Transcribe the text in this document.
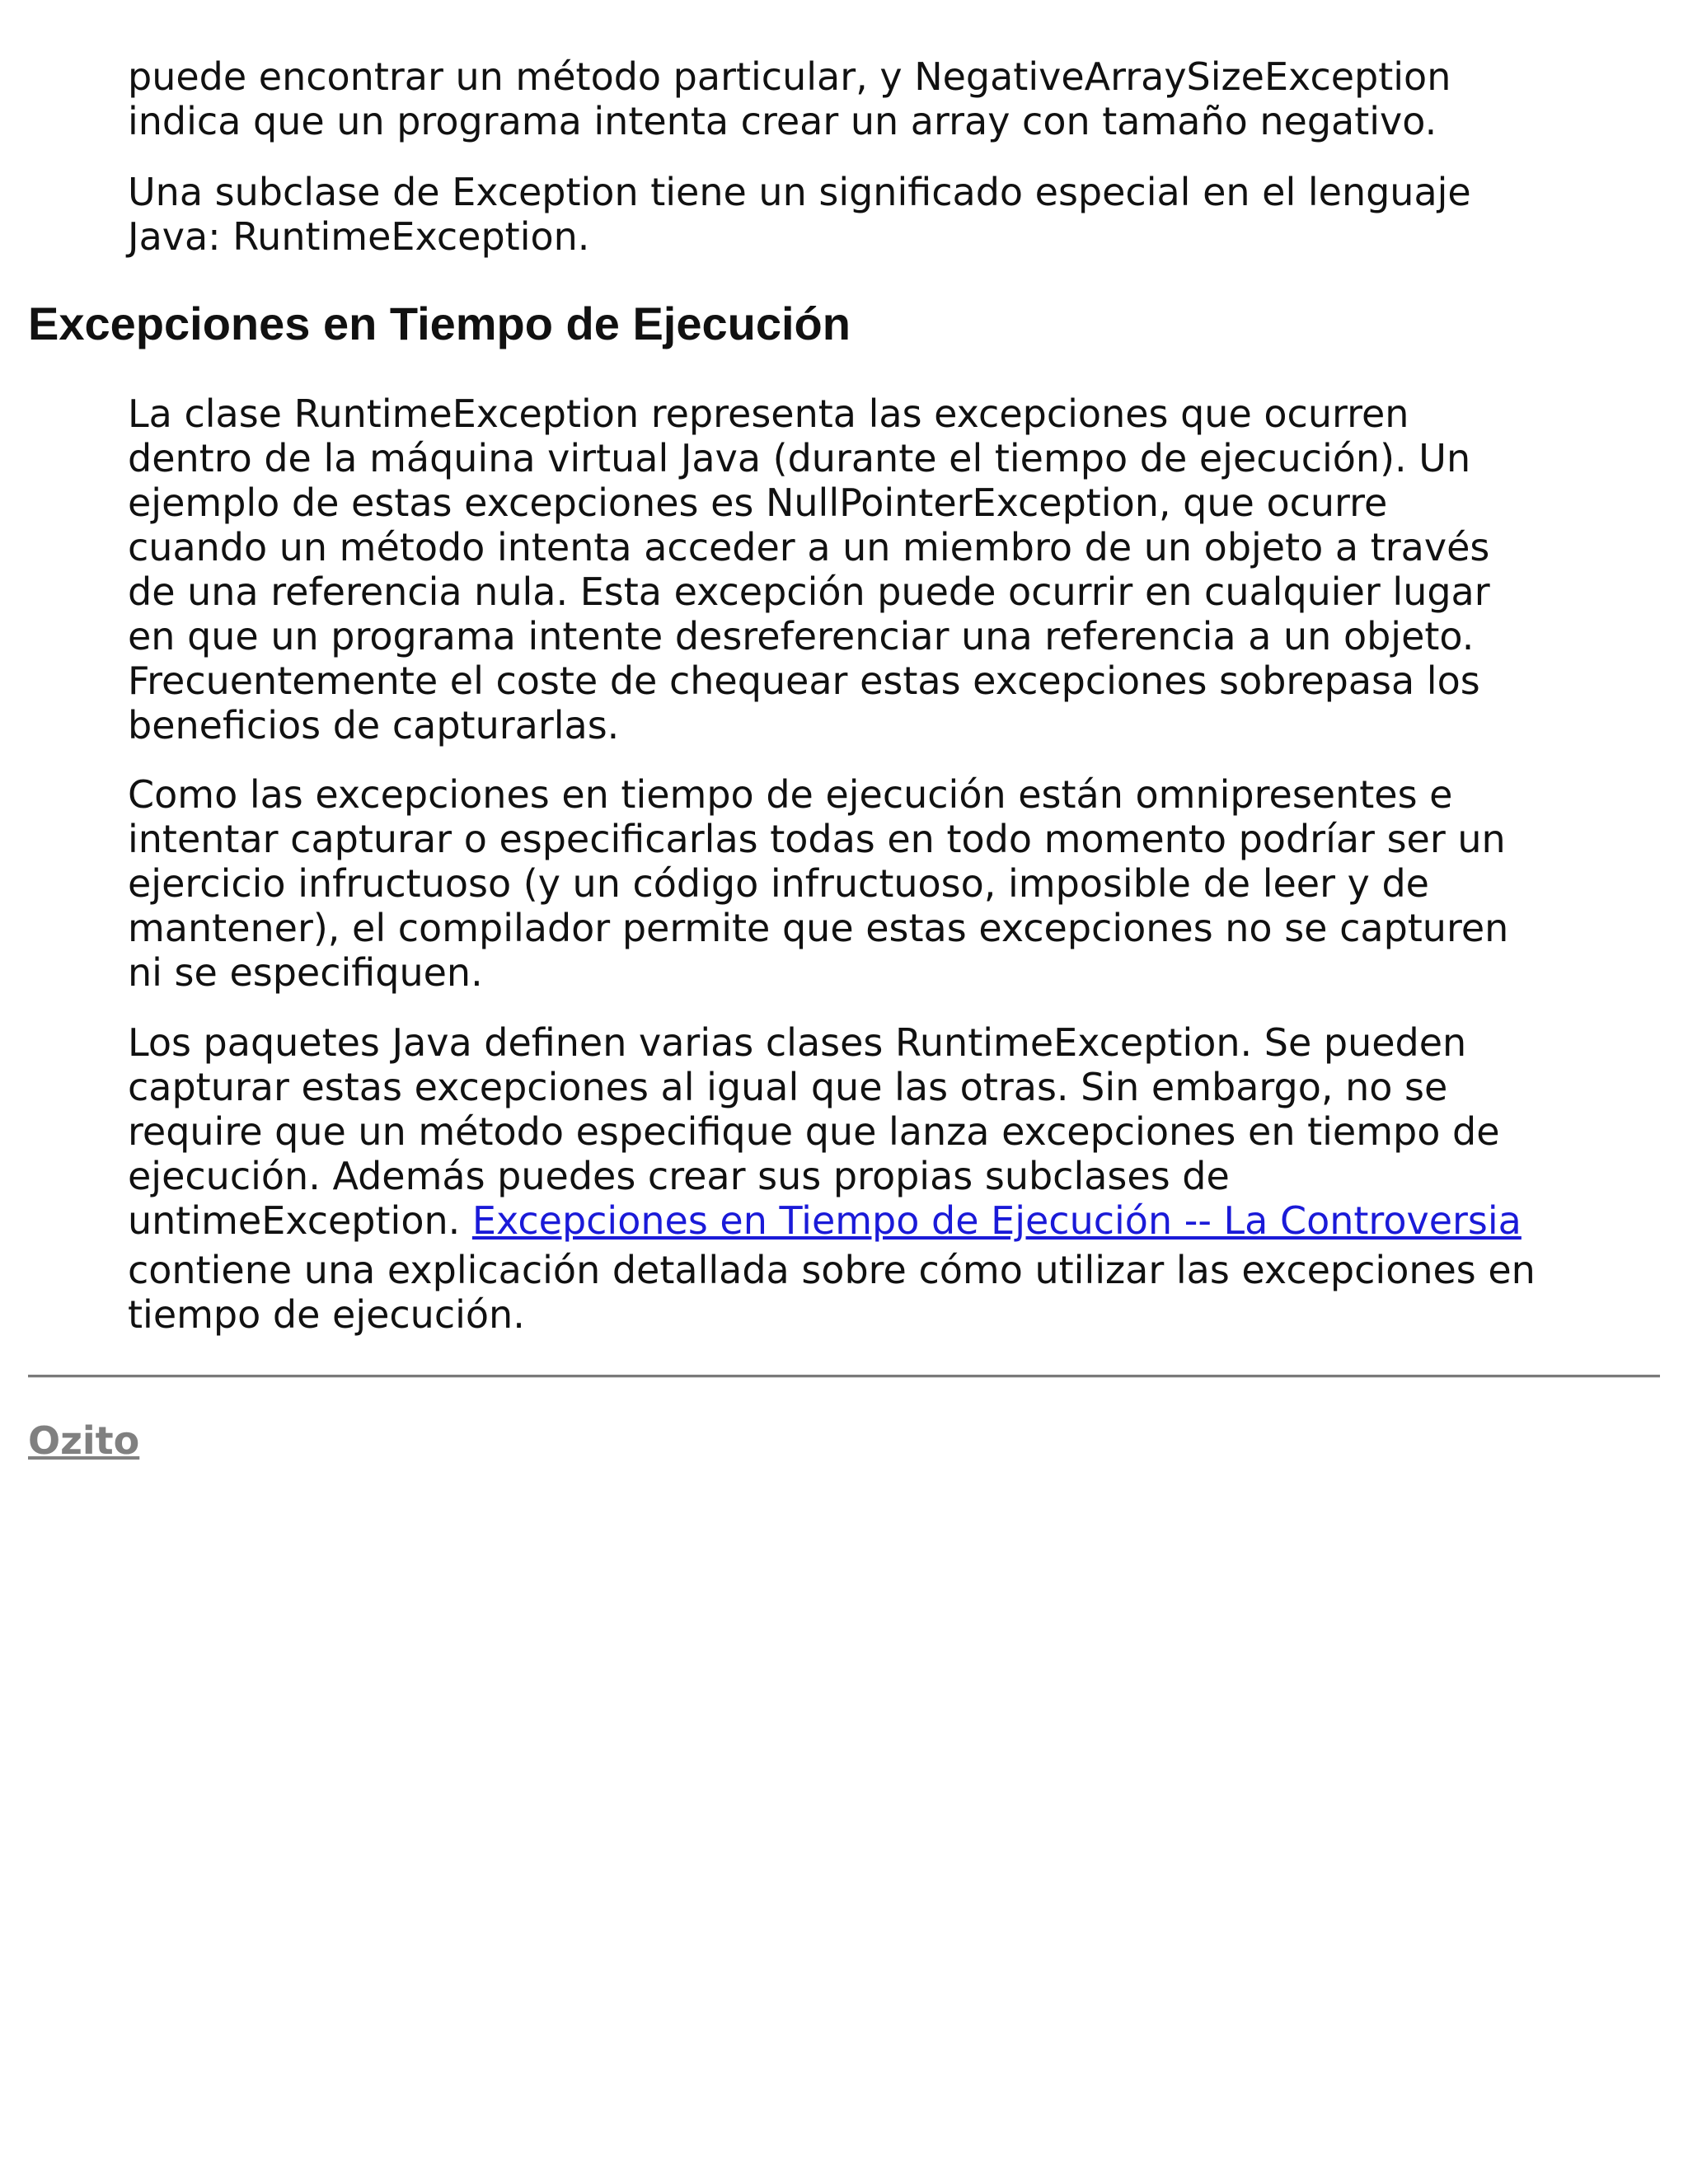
puede encontrar un método particular, y NegativeArraySizeException
indica que un programa intenta crear un array con tamaño negativo.

Una subclase de Exception tiene un significado especial en el lenguaje
Java: RuntimeException.

Excepciones en Tiempo de Ejecución

La clase RuntimeException representa las excepciones que ocurren
dentro de la máquina virtual Java (durante el tiempo de ejecución). Un
ejemplo de estas excepciones es NullPointerException, que ocurre
cuando un método intenta acceder a un miembro de un objeto a través
de una referencia nula. Esta excepción puede ocurrir en cualquier lugar
en que un programa intente desreferenciar una referencia a un objeto.
Frecuentemente el coste de chequear estas excepciones sobrepasa los
beneficios de capturarlas.

Como las excepciones en tiempo de ejecución están omnipresentes e
intentar capturar o especificarlas todas en todo momento podríar ser un
ejercicio infructuoso (y un código infructuoso, imposible de leer y de
mantener), el compilador permite que estas excepciones no se capturen
ni se especifiquen.

Los paquetes Java definen varias clases RuntimeException. Se pueden
capturar estas excepciones al igual que las otras. Sin embargo, no se
require que un método especifique que lanza excepciones en tiempo de
ejecución. Además puedes crear sus propias subclases de
untimeException. Excepciones en Tiempo de Ejecución -- La Controversia
contiene una explicación detallada sobre cómo utilizar las excepciones en
tiempo de ejecución.

Ozito
